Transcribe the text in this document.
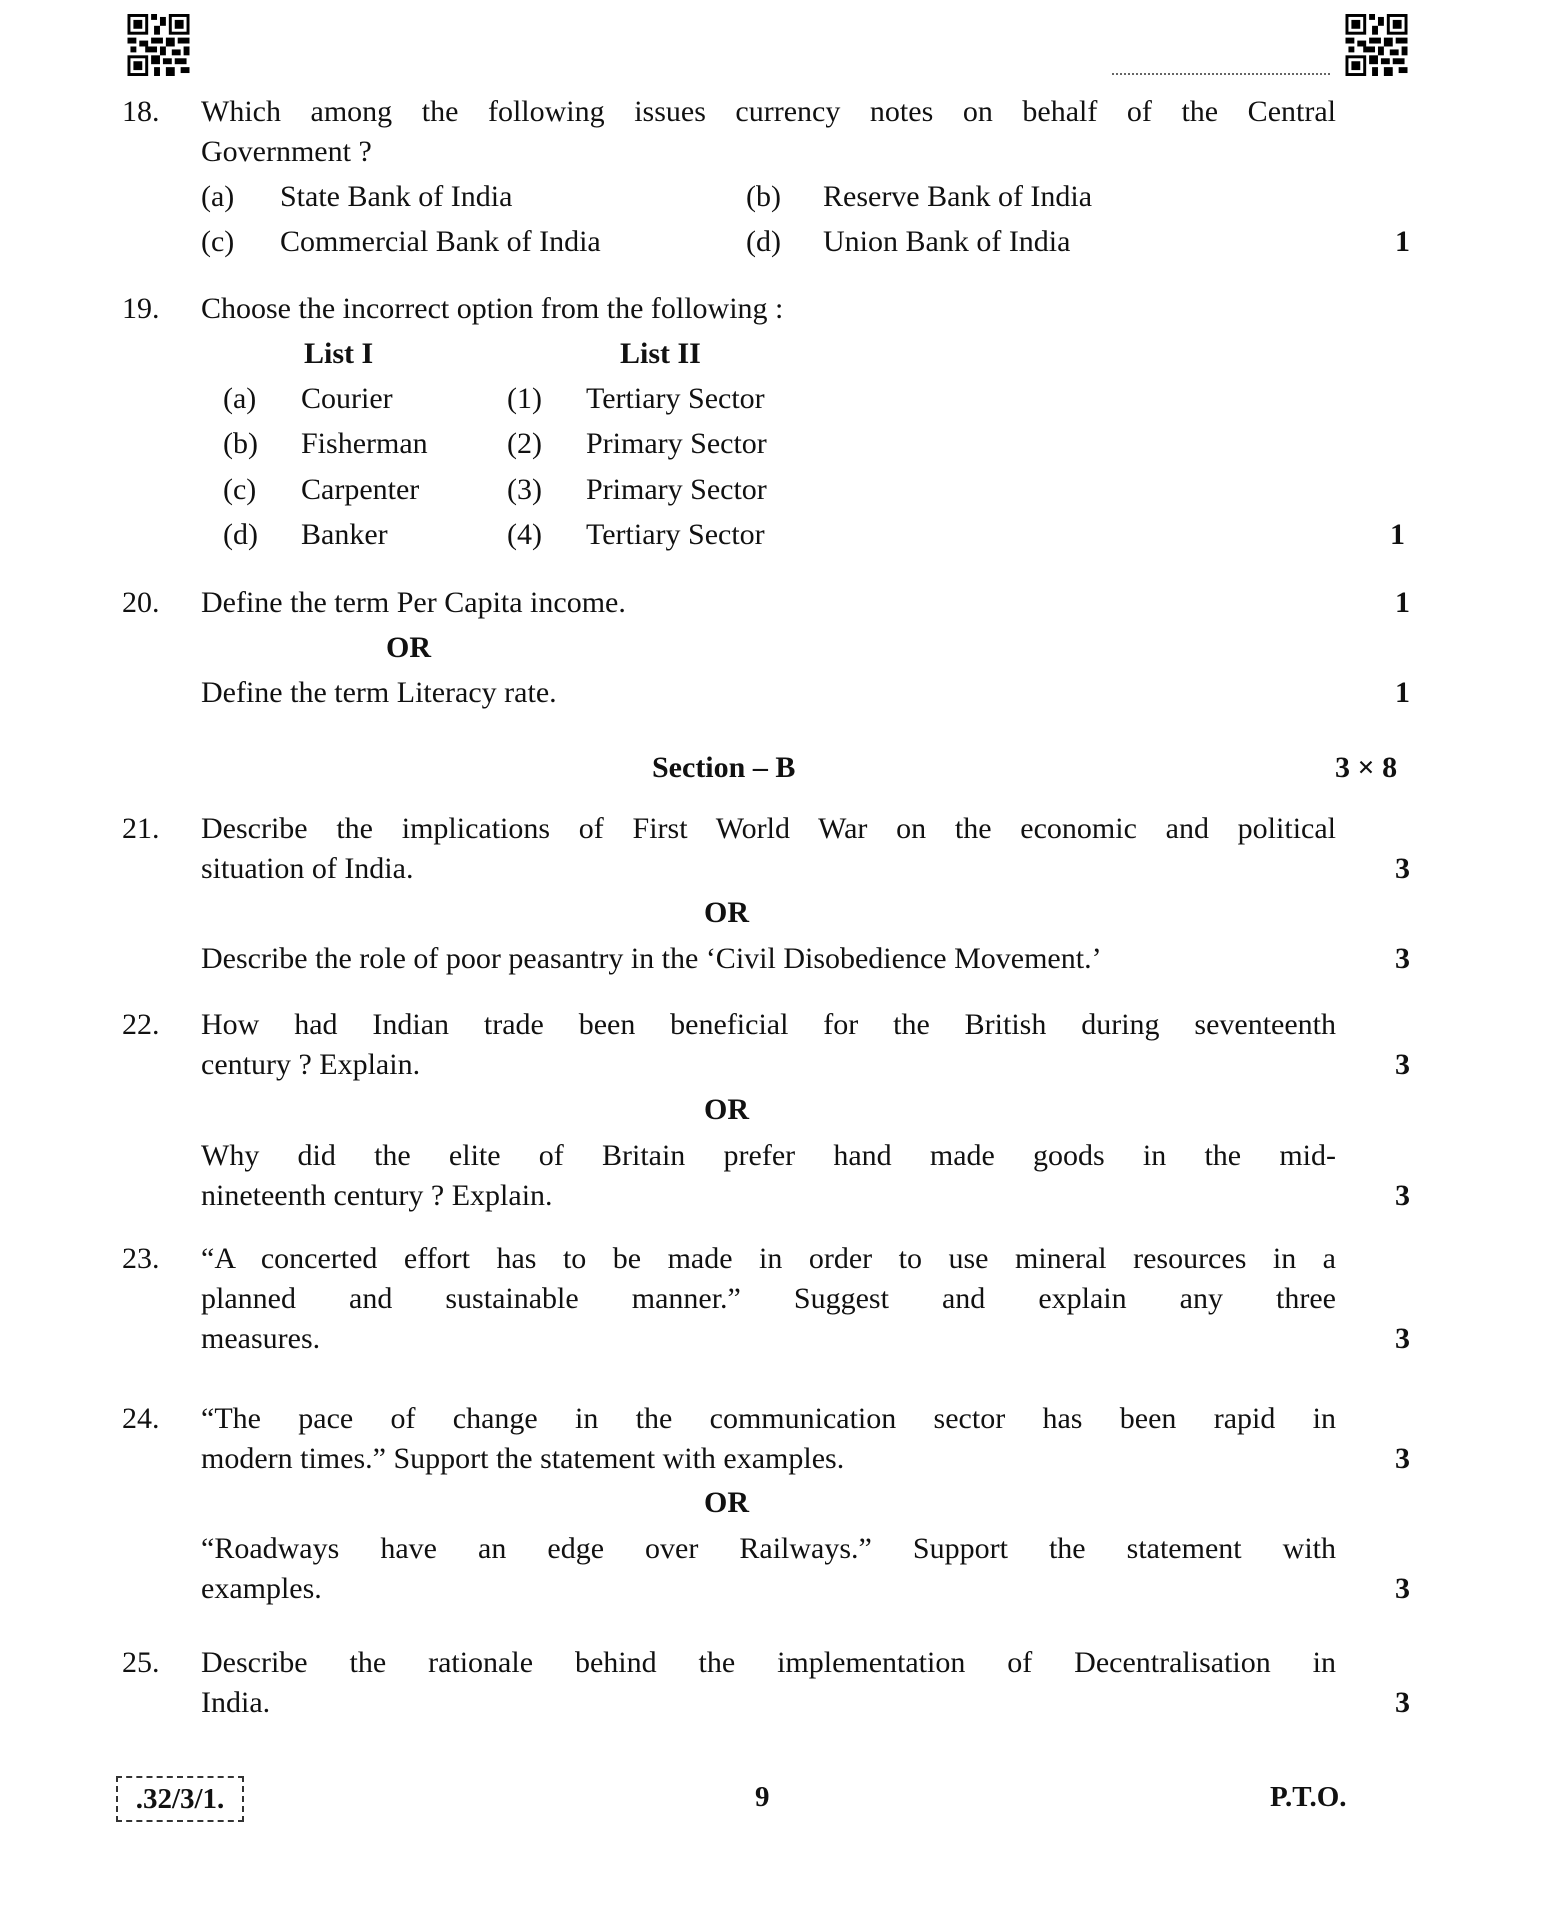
18. Which among the following issues currency notes on behalf of the Central
Government ?
(a) State Bank of India	(b) Reserve Bank of India
(c) Commercial Bank of India	(d) Union Bank of India	1
19. Choose the incorrect option from the following :
List I	List II
(a) Courier	(1) Tertiary Sector
(b) Fisherman	(2) Primary Sector
(c) Carpenter	(3) Primary Sector
(d) Banker	(4) Tertiary Sector	1
20. Define the term Per Capita income.	1
OR
Define the term Literacy rate.	1
Section – B	3 × 8
21. Describe the implications of First World War on the economic and political
situation of India.	3
OR
Describe the role of poor peasantry in the ‘Civil Disobedience Movement.’	3
22. How had Indian trade been beneficial for the British during seventeenth
century ? Explain.	3
OR
Why did the elite of Britain prefer hand made goods in the mid-
nineteenth century ? Explain.	3
23. “A concerted effort has to be made in order to use mineral resources in a
planned and sustainable manner.” Suggest and explain any three
measures.	3
24. “The pace of change in the communication sector has been rapid in
modern times.” Support the statement with examples.	3
OR
“Roadways have an edge over Railways.” Support the statement with
examples.	3
25. Describe the rationale behind the implementation of Decentralisation in
India.	3
.32/3/1.	9	P.T.O.
